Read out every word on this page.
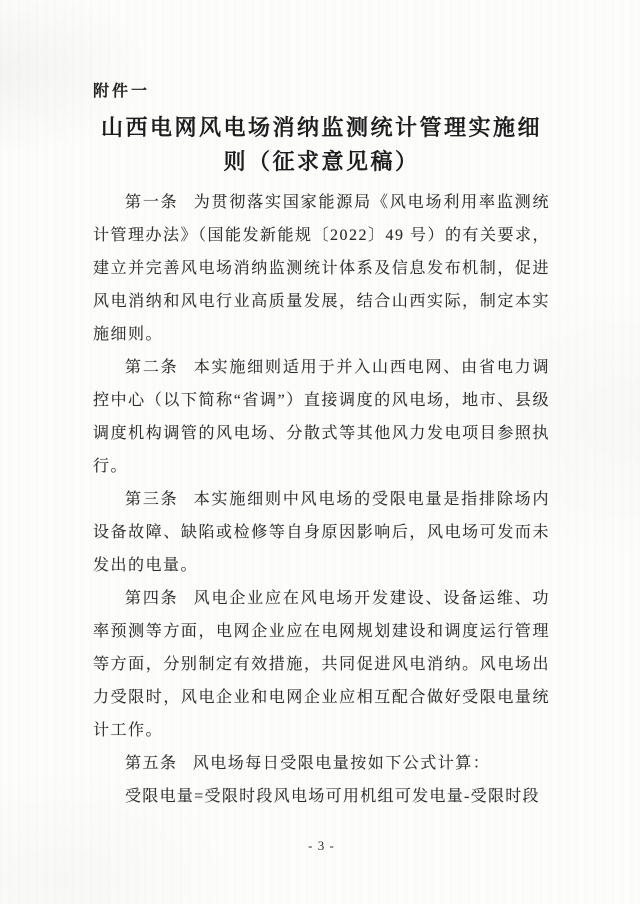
附件一
山西电网风电场消纳监测统计管理实施细
则（征求意见稿）

第一条 为贯彻落实国家能源局《风电场利用率监测统计管理办法》（国能发新能规〔2022〕49 号）的有关要求，建立并完善风电场消纳监测统计体系及信息发布机制，促进风电消纳和风电行业高质量发展，结合山西实际，制定本实施细则。

第二条 本实施细则适用于并入山西电网、由省电力调控中心（以下简称“省调”）直接调度的风电场，地市、县级调度机构调管的风电场、分散式等其他风力发电项目参照执行。

第三条 本实施细则中风电场的受限电量是指排除场内设备故障、缺陷或检修等自身原因影响后，风电场可发而未发出的电量。

第四条 风电企业应在风电场开发建设、设备运维、功率预测等方面，电网企业应在电网规划建设和调度运行管理等方面，分别制定有效措施，共同促进风电消纳。风电场出力受限时，风电企业和电网企业应相互配合做好受限电量统计工作。

第五条 风电场每日受限电量按如下公式计算：

受限电量=受限时段风电场可用机组可发电量-受限时段

- 3 -
